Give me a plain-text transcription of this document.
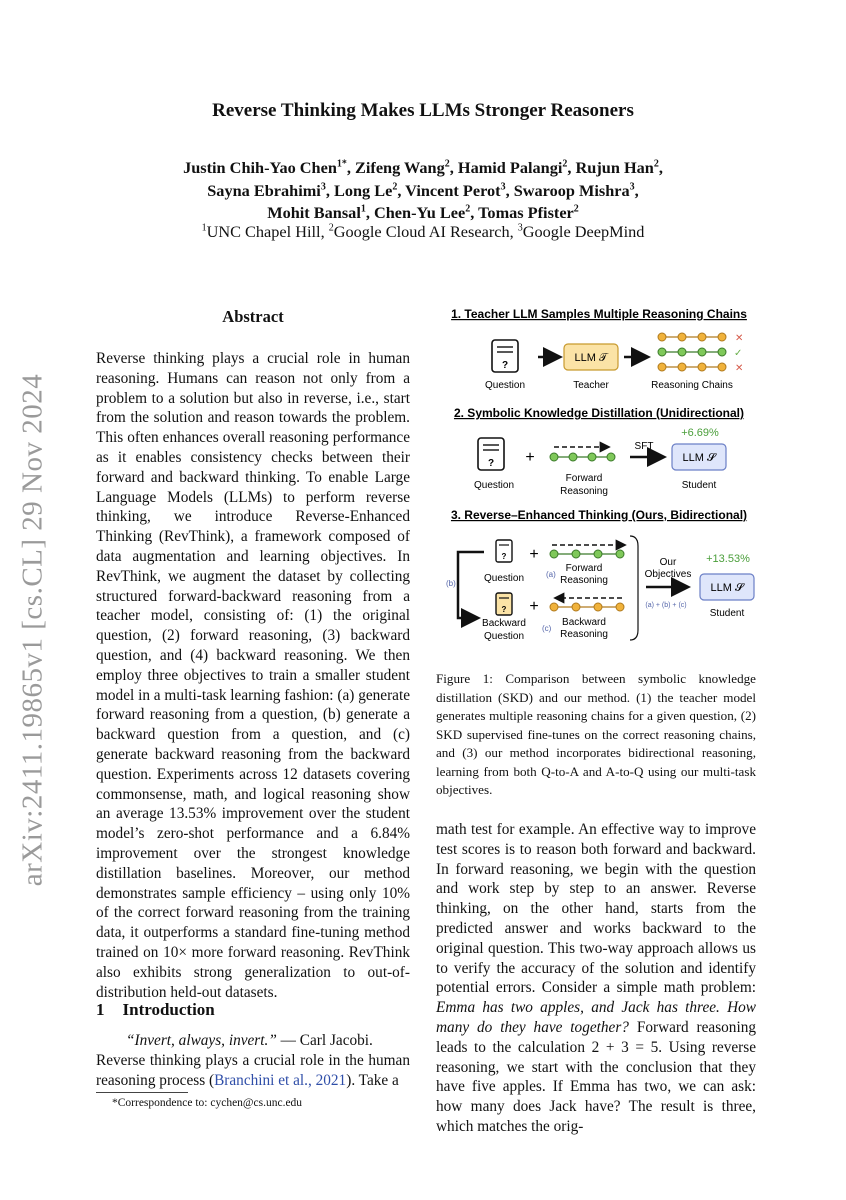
arXiv:2411.19865v1 [cs.CL] 29 Nov 2024
Reverse Thinking Makes LLMs Stronger Reasoners
Justin Chih-Yao Chen$^{1*}$, Zifeng Wang$^2$, Hamid Palangi$^2$, Rujun Han$^2$,
Sayna Ebrahimi$^3$, Long Le$^2$, Vincent Perot$^3$, Swaroop Mishra$^3$,
Mohit Bansal$^1$, Chen-Yu Lee$^2$, Tomas Pfister$^2$
$^1$UNC Chapel Hill, $^2$Google Cloud AI Research, $^3$Google DeepMind
Abstract
Reverse thinking plays a crucial role in human reasoning. Humans can reason not only from a problem to a solution but also in reverse, i.e., start from the solution and reason towards the problem. This often enhances overall reasoning performance as it enables consistency checks between their forward and backward thinking. To enable Large Language Models (LLMs) to perform reverse thinking, we introduce Reverse-Enhanced Thinking (RevThink), a framework composed of data augmentation and learning objectives. In RevThink, we augment the dataset by collecting structured forward-backward reasoning from a teacher model, consisting of: (1) the original question, (2) forward reasoning, (3) backward question, and (4) backward reasoning. We then employ three objectives to train a smaller student model in a multi-task learning fashion: (a) generate forward reasoning from a question, (b) generate a backward question from a question, and (c) generate backward reasoning from the backward question. Experiments across 12 datasets covering commonsense, math, and logical reasoning show an average 13.53% improvement over the student model’s zero-shot performance and a 6.84% improvement over the strongest knowledge distillation baselines. Moreover, our method demonstrates sample efficiency – using only 10% of the correct forward reasoning from the training data, it outperforms a standard fine-tuning method trained on 10× more forward reasoning. RevThink also exhibits strong generalization to out-of-distribution held-out datasets.
1 Introduction
“Invert, always, invert.” — Carl Jacobi.
Reverse thinking plays a crucial role in the human reasoning process (Branchini et al., 2021). Take a
*Correspondence to: cychen@cs.unc.edu
1. Teacher LLM Samples Multiple Reasoning Chains
?
Question
LLM 𝒯
Teacher
✕
✓
✕
Reasoning Chains
2. Symbolic Knowledge Distillation (Unidirectional)
?
Question
+
Forward
Reasoning
SFT
+6.69%
LLM 𝓢
Student
3. Reverse–Enhanced Thinking (Ours, Bidirectional)
(b)
?
Question
+
(a)
Forward
Reasoning
?
Backward
Question
+
(c)
Backward
Reasoning
Our
Objectives
(a) + (b) + (c)
+13.53%
LLM 𝓢
Student
Figure 1: Comparison between symbolic knowledge distillation (SKD) and our method. (1) the teacher model generates multiple reasoning chains for a given question, (2) SKD supervised fine-tunes on the correct reasoning chains, and (3) our method incorporates bidirectional reasoning, learning from both Q-to-A and A-to-Q using our multi-task objectives.
math test for example. An effective way to improve test scores is to reason both forward and backward. In forward reasoning, we begin with the question and work step by step to an answer. Reverse thinking, on the other hand, starts from the predicted answer and works backward to the original question. This two-way approach allows us to verify the accuracy of the solution and identify potential errors. Consider a simple math problem: Emma has two apples, and Jack has three. How many do they have together? Forward reasoning leads to the calculation 2 + 3 = 5. Using reverse reasoning, we start with the conclusion that they have five apples. If Emma has two, we can ask: how many does Jack have? The result is three, which matches the orig-
